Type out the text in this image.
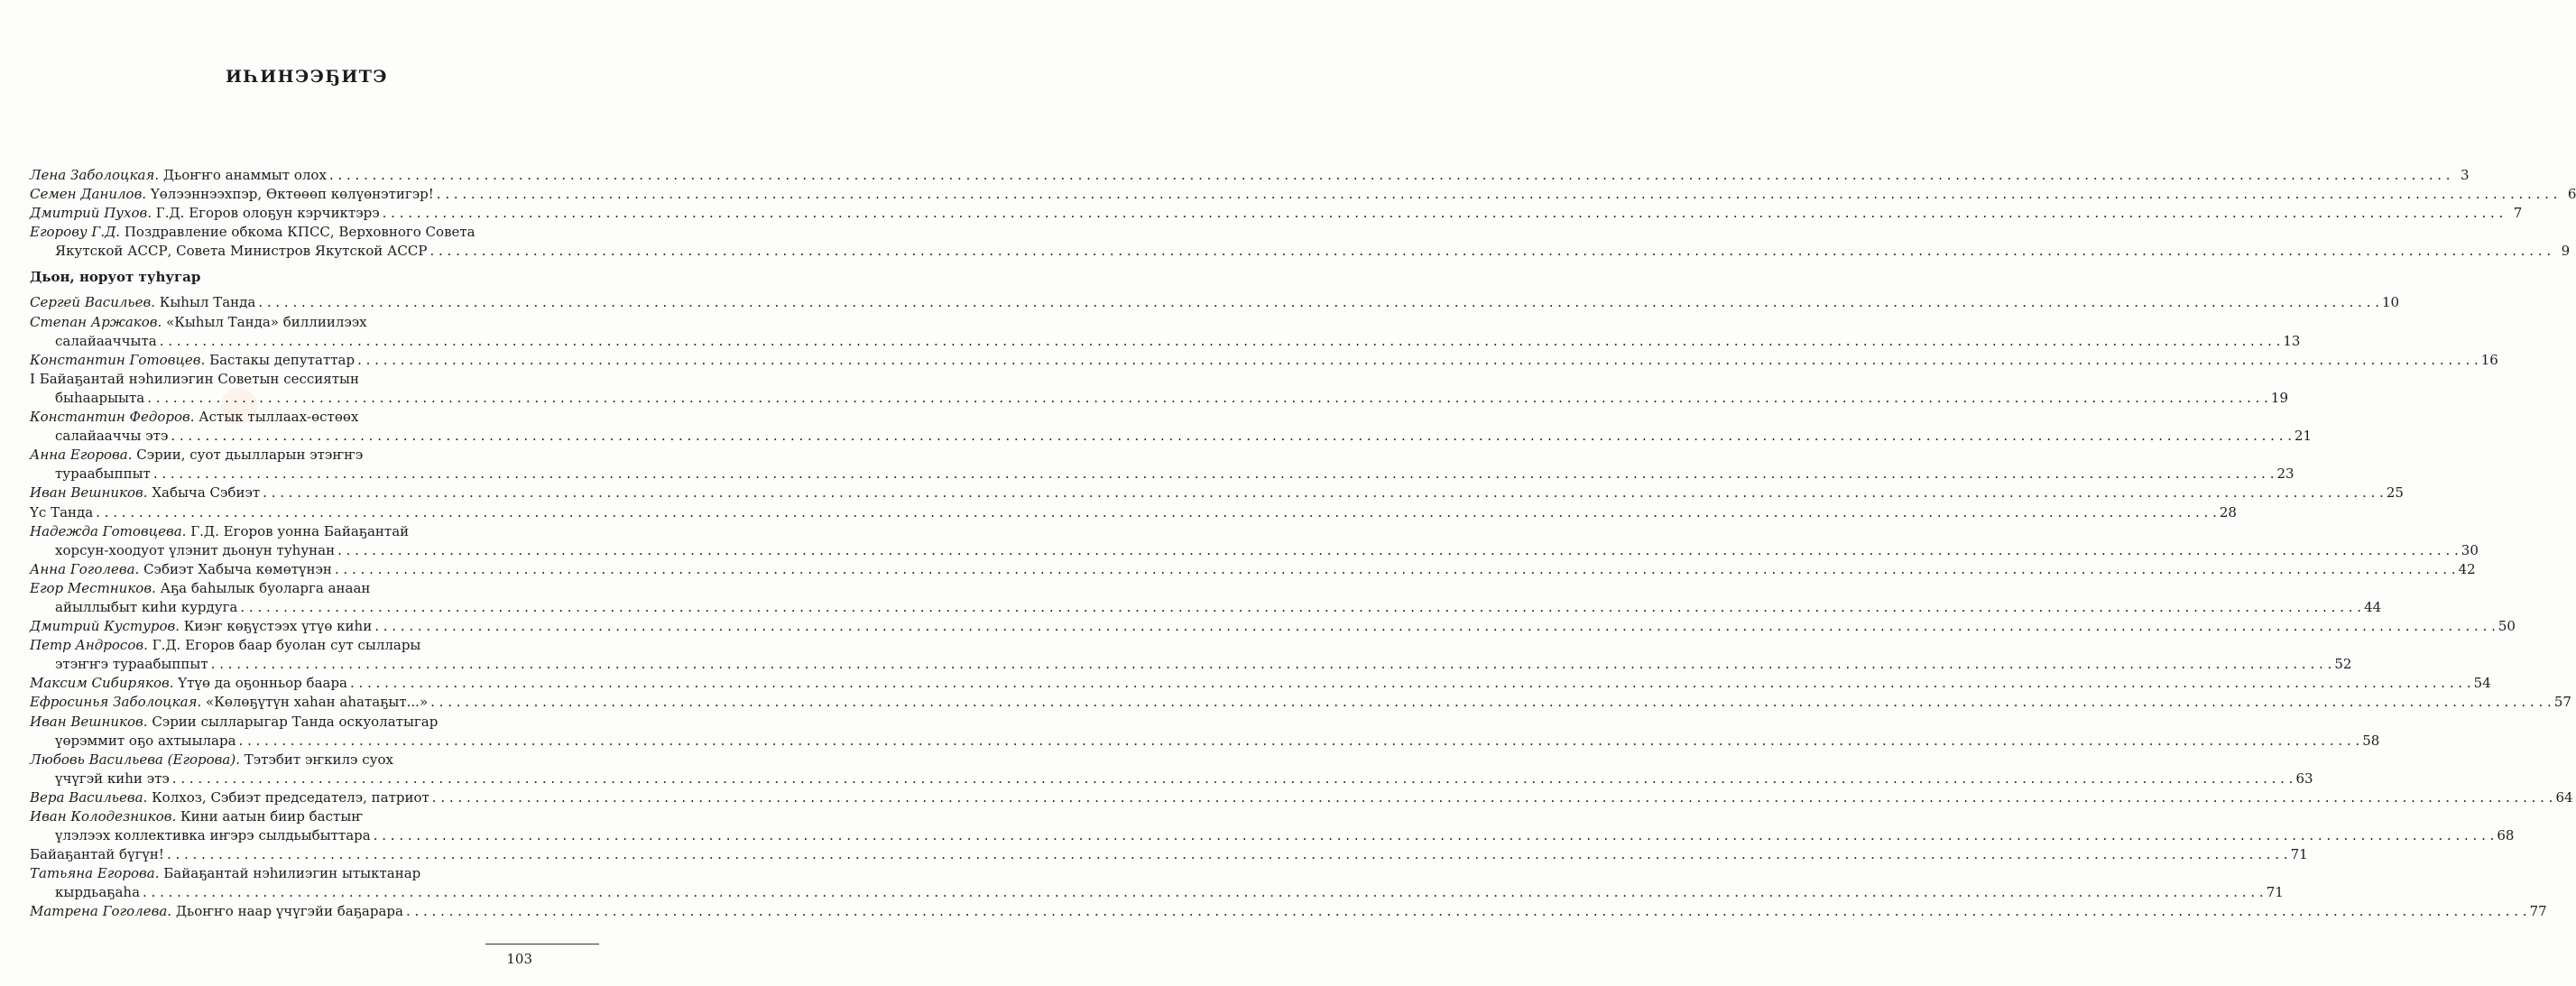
ИҺИНЭЭҔИТЭ
Лена Заболоцкая. Дьоҥҥо анаммыт олох . . .	3
Семен Данилов. Үөлээннээхпэр, Өктөөөп көлүөнэтигэр! . . .	6
Дмитрий Пухов. Г.Д. Егоров олоҕун кэрчиктэрэ . . .	7
Егорову Г.Д. Поздравление обкома КПСС, Верховного Совета
Якутской АССР, Совета Министров Якутской АССР . . .	9
Дьон, норуот туһугар
Сергей Васильев. Кыһыл Танда . . .	10
Степан Аржаков. «Кыһыл Танда» биллиилээх
салайааччыта . . .	13
Константин Готовцев. Бастакы депутаттар . . .	16
I Байаҕантай нэһилиэгин Советын сессиятын
быһаарыыта . . .	19
Константин Федоров. Астык тыллаах-өстөөх
салайааччы этэ . . .	21
Анна Егорова. Сэрии, суот дьылларын этэҥҥэ
тураабыппыт . . .	23
Иван Вешников. Хабыча Сэбиэт . . .	25
Үс Танда . . .	28
Надежда Готовцева. Г.Д. Егоров уонна Байаҕантай
хорсун-хоодуот үлэнит дьонун туһунан . . .	30
Анна Гоголева. Сэбиэт Хабыча көмөтүнэн . . .	42
Егор Местников. Аҕа баһылык буоларга анаан
айыллыбыт киһи курдуга . . .	44
Дмитрий Кустуров. Киэҥ көҕүстээх үтүө киһи . . .	50
Петр Андросов. Г.Д. Егоров баар буолан сут сыллары
этэҥҥэ тураабыппыт . . .	52
Максим Сибиряков. Үтүө да оҕонньор баара . . .	54
Ефросинья Заболоцкая. «Көлөҕүтүн хаһан аһатаҕыт...» . . .	57
Иван Вешников. Сэрии сылларыгар Танда оскуолатыгар
үөрэммит оҕо ахтыылара . . .	58
Любовь Васильева (Егорова). Тэтэбит эҥкилэ суох
үчүгэй киһи этэ . . .	63
Вера Васильева. Колхоз, Сэбиэт председателэ, патриот . . .	64
Иван Колодезников. Кини аатын биир бастыҥ
үлэлээх коллективка иҥэрэ сылдьыбыттара . . .	68
Байаҕантай бүгүн! . . .	71
Татьяна Егорова. Байаҕантай нэһилиэгин ытыктанар
кырдьаҕаһа . . .	71
Матрена Гоголева. Дьоҥҥо наар үчүгэйи баҕарара . . .	77
103
